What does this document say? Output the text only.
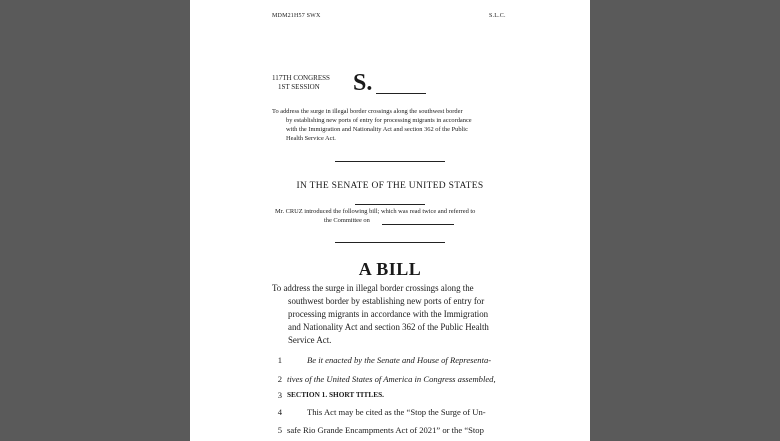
MDM21H57 SWX	S.L.C.
117TH CONGRESS
1ST SESSION S.
To address the surge in illegal border crossings along the southwest border
by establishing new ports of entry for processing migrants in accordance
with the Immigration and Nationality Act and section 362 of the Public
Health Service Act.
IN THE SENATE OF THE UNITED STATES
Mr. CRUZ introduced the following bill; which was read twice and referred to
the Committee on
A BILL
To address the surge in illegal border crossings along the
southwest border by establishing new ports of entry for
processing migrants in accordance with the Immigration
and Nationality Act and section 362 of the Public Health
Service Act.
1	Be it enacted by the Senate and House of Representa-
2 tives of the United States of America in Congress assembled,
3 SECTION 1. SHORT TITLES.
4	This Act may be cited as the “Stop the Surge of Un-
5 safe Rio Grande Encampments Act of 2021” or the “Stop
